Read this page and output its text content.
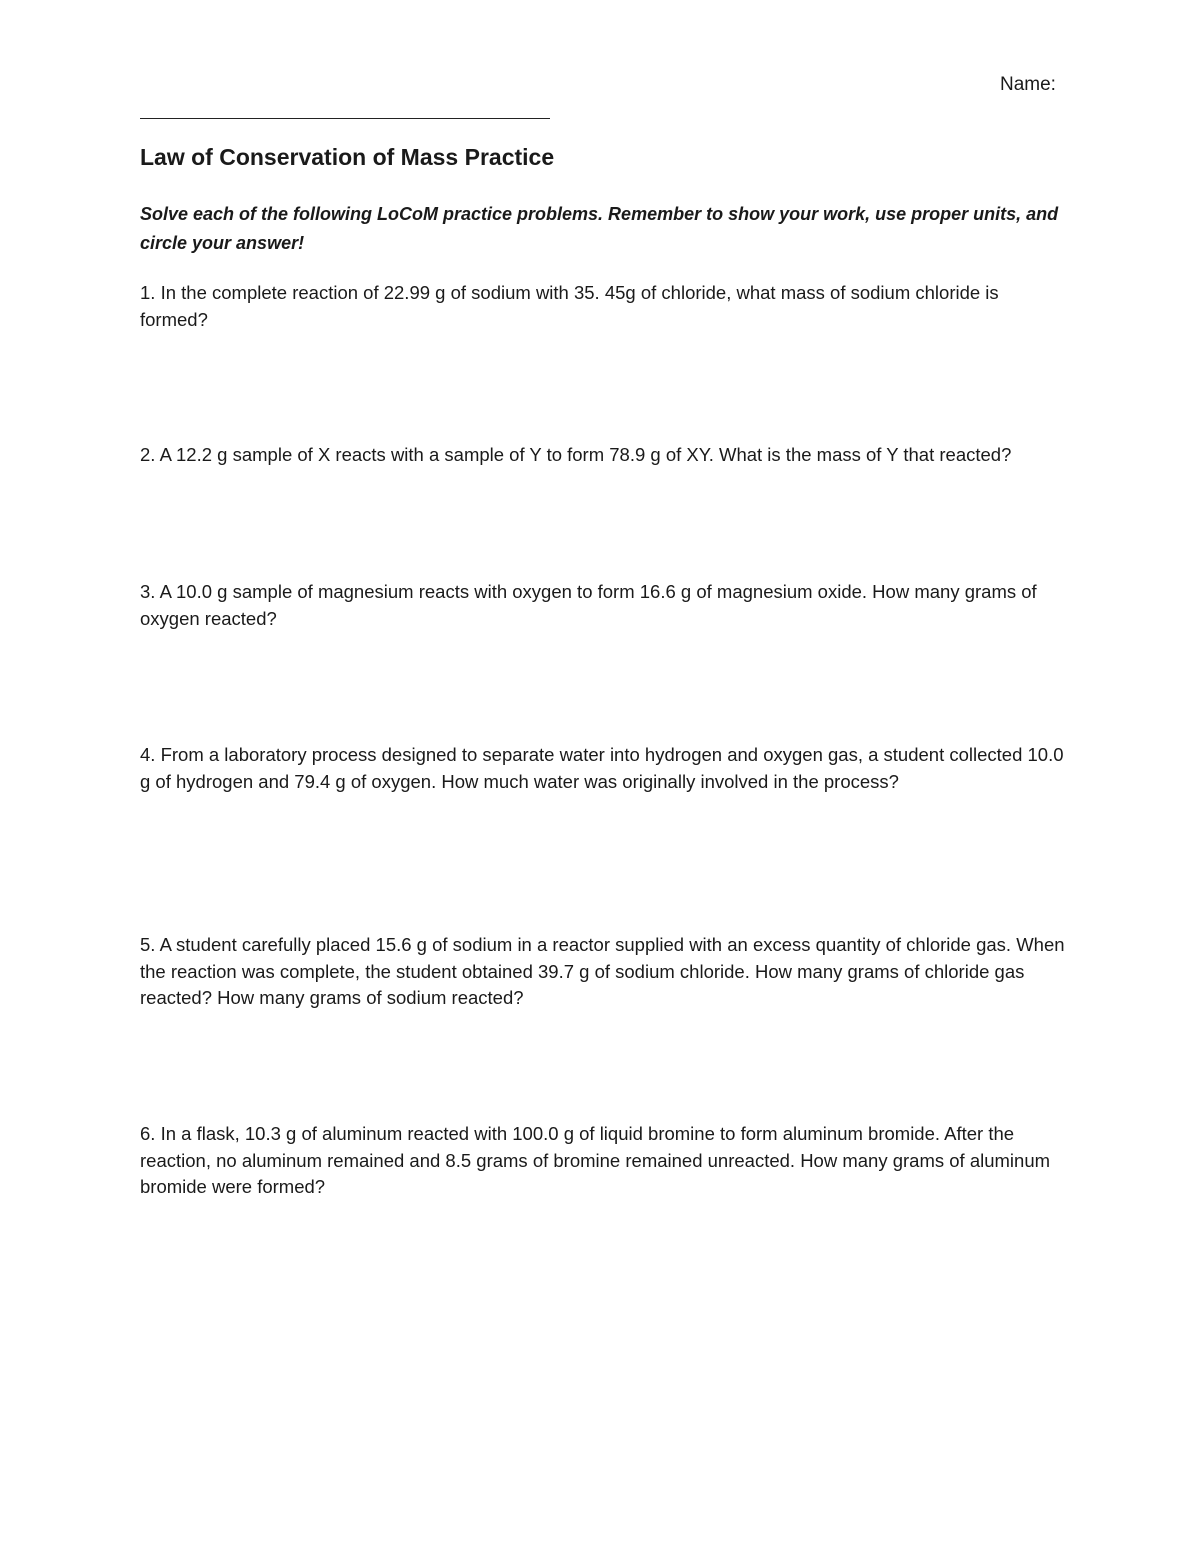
Name:
Law of Conservation of Mass Practice

Solve each of the following LoCoM practice problems. Remember to show your work, use proper units, and circle your answer!

1. In the complete reaction of 22.99 g of sodium with 35. 45g of chloride, what mass of sodium chloride is formed?

2. A 12.2 g sample of X reacts with a sample of Y to form 78.9 g of XY. What is the mass of Y that reacted?

3. A 10.0 g sample of magnesium reacts with oxygen to form 16.6 g of magnesium oxide. How many grams of oxygen reacted?

4. From a laboratory process designed to separate water into hydrogen and oxygen gas, a student collected 10.0 g of hydrogen and 79.4 g of oxygen. How much water was originally involved in the process?

5. A student carefully placed 15.6 g of sodium in a reactor supplied with an excess quantity of chloride gas. When the reaction was complete, the student obtained 39.7 g of sodium chloride. How many grams of chloride gas reacted? How many grams of sodium reacted?

6. In a flask, 10.3 g of aluminum reacted with 100.0 g of liquid bromine to form aluminum bromide. After the reaction, no aluminum remained and 8.5 grams of bromine remained unreacted. How many grams of aluminum bromide were formed?
